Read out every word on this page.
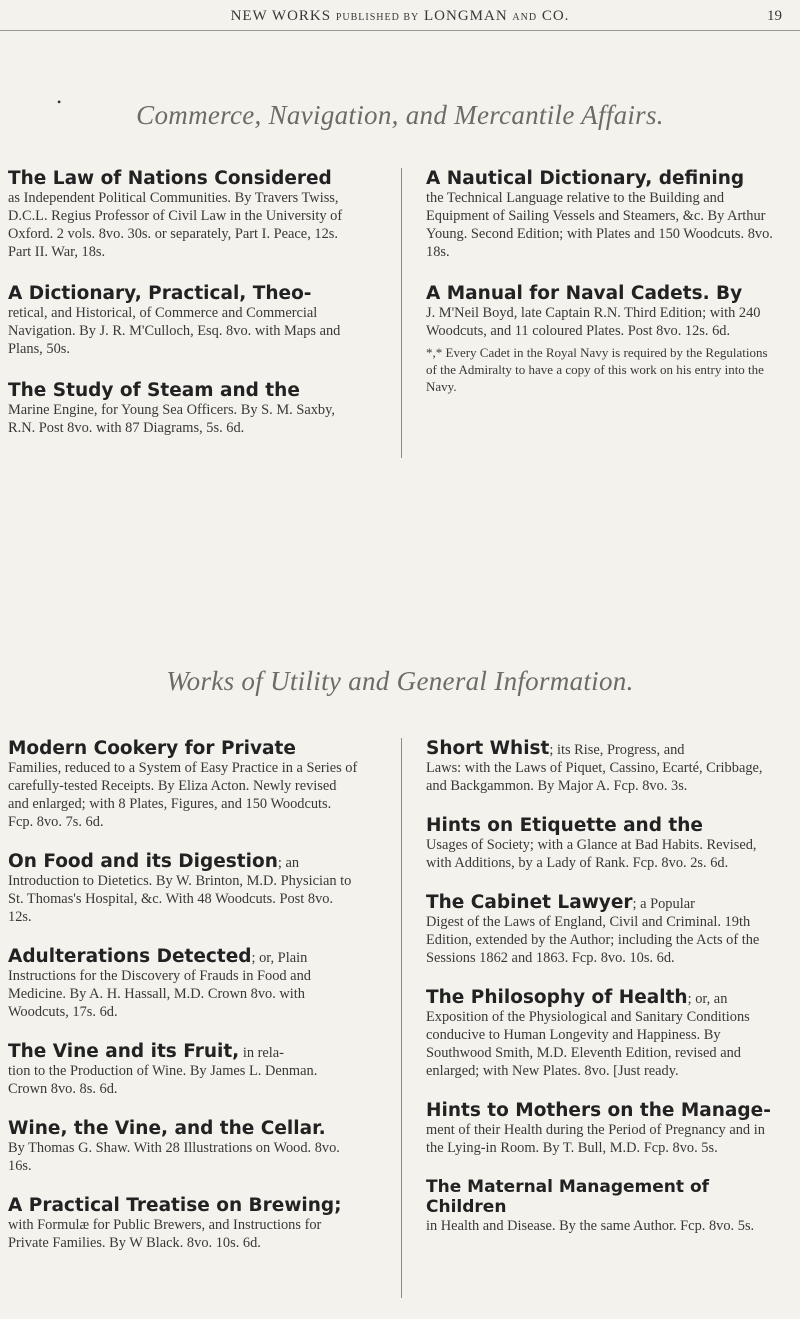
NEW WORKS PUBLISHED BY LONGMAN AND CO.	19
•	Commerce, Navigation, and Mercantile Affairs.
The Law of Nations Considered
as Independent Political Communities. By Travers Twiss, D.C.L. Regius Professor of Civil Law in the University of Oxford. 2 vols. 8vo. 30s. or separately, Part I. Peace, 12s. Part II. War, 18s.
A Dictionary, Practical, Theo-
retical, and Historical, of Commerce and Commercial Navigation. By J. R. M'Culloch, Esq. 8vo. with Maps and Plans, 50s.
The Study of Steam and the
Marine Engine, for Young Sea Officers. By S. M. Saxby, R.N. Post 8vo. with 87 Diagrams, 5s. 6d.
A Nautical Dictionary, defining
the Technical Language relative to the Building and Equipment of Sailing Vessels and Steamers, &c. By Arthur Young. Second Edition; with Plates and 150 Woodcuts. 8vo. 18s.
A Manual for Naval Cadets. By
J. M'Neil Boyd, late Captain R.N. Third Edition; with 240 Woodcuts, and 11 coloured Plates. Post 8vo. 12s. 6d.
*,* Every Cadet in the Royal Navy is required by the Regulations of the Admiralty to have a copy of this work on his entry into the Navy.
Works of Utility and General Information.
Modern Cookery for Private
Families, reduced to a System of Easy Practice in a Series of carefully-tested Receipts. By Eliza Acton. Newly revised and enlarged; with 8 Plates, Figures, and 150 Woodcuts. Fcp. 8vo. 7s. 6d.
On Food and its Digestion; an
Introduction to Dietetics. By W. Brinton, M.D. Physician to St. Thomas's Hospital, &c. With 48 Woodcuts. Post 8vo. 12s.
Adulterations Detected; or, Plain
Instructions for the Discovery of Frauds in Food and Medicine. By A. H. Hassall, M.D. Crown 8vo. with Woodcuts, 17s. 6d.
The Vine and its Fruit, in rela-
tion to the Production of Wine. By James L. Denman. Crown 8vo. 8s. 6d.
Wine, the Vine, and the Cellar.
By Thomas G. Shaw. With 28 Illustrations on Wood. 8vo. 16s.
A Practical Treatise on Brewing;
with Formulæ for Public Brewers, and Instructions for Private Families. By W Black. 8vo. 10s. 6d.
Short Whist; its Rise, Progress, and
Laws: with the Laws of Piquet, Cassino, Ecarté, Cribbage, and Backgammon. By Major A. Fcp. 8vo. 3s.
Hints on Etiquette and the
Usages of Society; with a Glance at Bad Habits. Revised, with Additions, by a Lady of Rank. Fcp. 8vo. 2s. 6d.
The Cabinet Lawyer; a Popular
Digest of the Laws of England, Civil and Criminal. 19th Edition, extended by the Author; including the Acts of the Sessions 1862 and 1863. Fcp. 8vo. 10s. 6d.
The Philosophy of Health; or, an
Exposition of the Physiological and Sanitary Conditions conducive to Human Longevity and Happiness. By Southwood Smith, M.D. Eleventh Edition, revised and enlarged; with New Plates. 8vo. [Just ready.
Hints to Mothers on the Manage-
ment of their Health during the Period of Pregnancy and in the Lying-in Room. By T. Bull, M.D. Fcp. 8vo. 5s.
The Maternal Management of Children
in Health and Disease. By the same Author. Fcp. 8vo. 5s.
